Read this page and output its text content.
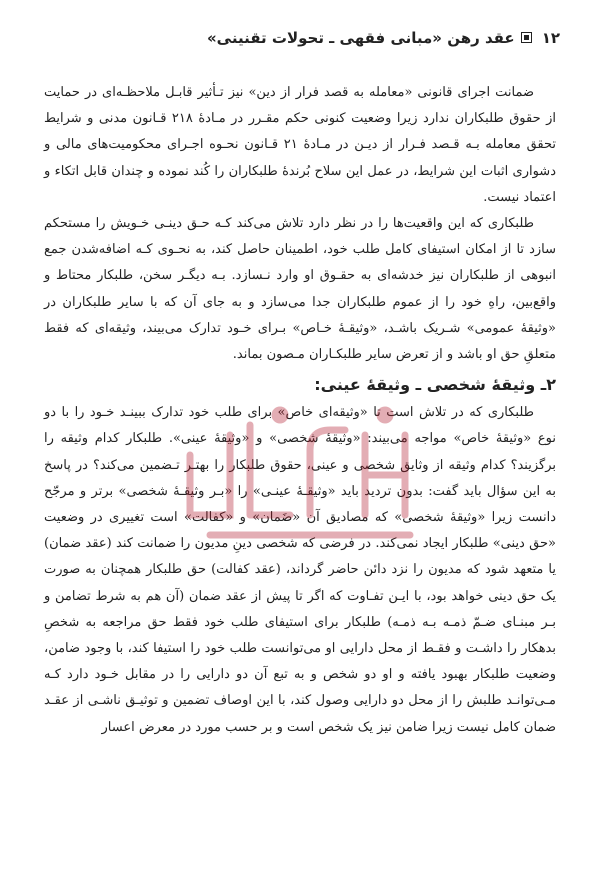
۱۲عقد رهن «مبانی فقهی ـ تحولات تقنینی»

ضمانت اجرای قانونی «معامله به قصد فرار از دین» نیز تـأثیر قابـل ملاحظـه‌ای در حمایت از حقوق طلبکاران ندارد زیرا وضعیت کنونی حکم مقـرر در مـادۀ ۲۱۸ قـانون مدنی و شرایط تحقق معامله بـه قـصد فـرار از دیـن در مـادۀ ۲۱ قـانون نحـوه اجـرای محکومیت‌های مالی و دشواری اثبات این شرایط، در عمل این سلاح بُرندۀ طلبکاران را کُند نموده و چندان قابل اتکاء و اعتماد نیست.

طلبکاری که این واقعیت‌ها را در نظر دارد تلاش می‌کند کـه حـق دینـی خـویش را مستحکم سازد تا از امکان استیفای کامل طلب خود، اطمینان حاصل کند، به نحـوی کـه اضافه‌شدن جمع انبوهی از طلبکاران نیز خدشه‌ای به حقـوق او وارد نـسازد. بـه دیگـر سخن، طلبکار محتاط و واقع‌بین، راهِ خود را از عموم طلبکاران جدا می‌سازد و به جای آن که با سایر طلبکاران در «وثیقۀ عمومی» شـریک باشـد، «وثیقـۀ خـاص» بـرای خـود تدارک می‌بیند، وثیقه‌ای که فقط متعلقِ حق او باشد و از تعرض سایر طلبکـاران مـصون بماند.

۲ـ وثیقۀ شخصی ـ وثیقۀ عینی:

طلبکاری که در تلاش است تا «وثیقه‌ای خاص» برای طلب خود تدارک ببینـد خـود را با دو نوع «وثیقۀ خاص» مواجه می‌بیند: «وثیقۀ شخصی» و «وثیقۀ عینی». طلبکار کدام وثیقه را برگزیند؟ کدام وثیقه از وثایق شخصی و عینی، حقوق طلبکار را بهتـر تـضمین می‌کند؟ در پاسخ به این سؤال باید گفت: بدون تردید باید «وثیقـۀ عینـی» را «بـر وثیقـۀ شخصی» برتر و مرجّح دانست زیرا «وثیقۀ شخصی» که مصادیق آن «ضَمان» و «کفالت» است تغییری در وضعیت «حق دینی» طلبکار ایجاد نمی‌کند. در فرضی که شخصی دینِ مدیون را ضمانت کند (عقد ضمان) یا متعهد شود که مدیون را نزد دائن حاضر گرداند، (عقد کفالت) حق طلبکار همچنان به صورت یک حق دینی خواهد بود، با ایـن تفـاوت که اگر تا پیش از عقد ضمان (آن هم به شرط تضامن و بـر مبنـای ضـمّ ذمـه بـه ذمـه) طلبکار برای استیفای طلب خود فقط حق مراجعه به شخصِ بدهکار را داشـت و فقـط از محل دارایی او می‌توانست طلب خود را استیفا کند، با وجود ضامن، وضعیت طلبکار بهبود یافته و او دو شخص و به تبع آن دو دارایی را در مقابل خـود دارد کـه مـی‌توانـد طلبش را از محل دو دارایی وصول کند، با این اوصاف تضمین و توثیـق ناشـی از عقـد ضمان کامل نیست زیرا ضامن نیز یک شخص است و بر حسب مورد در معرض اعسار
